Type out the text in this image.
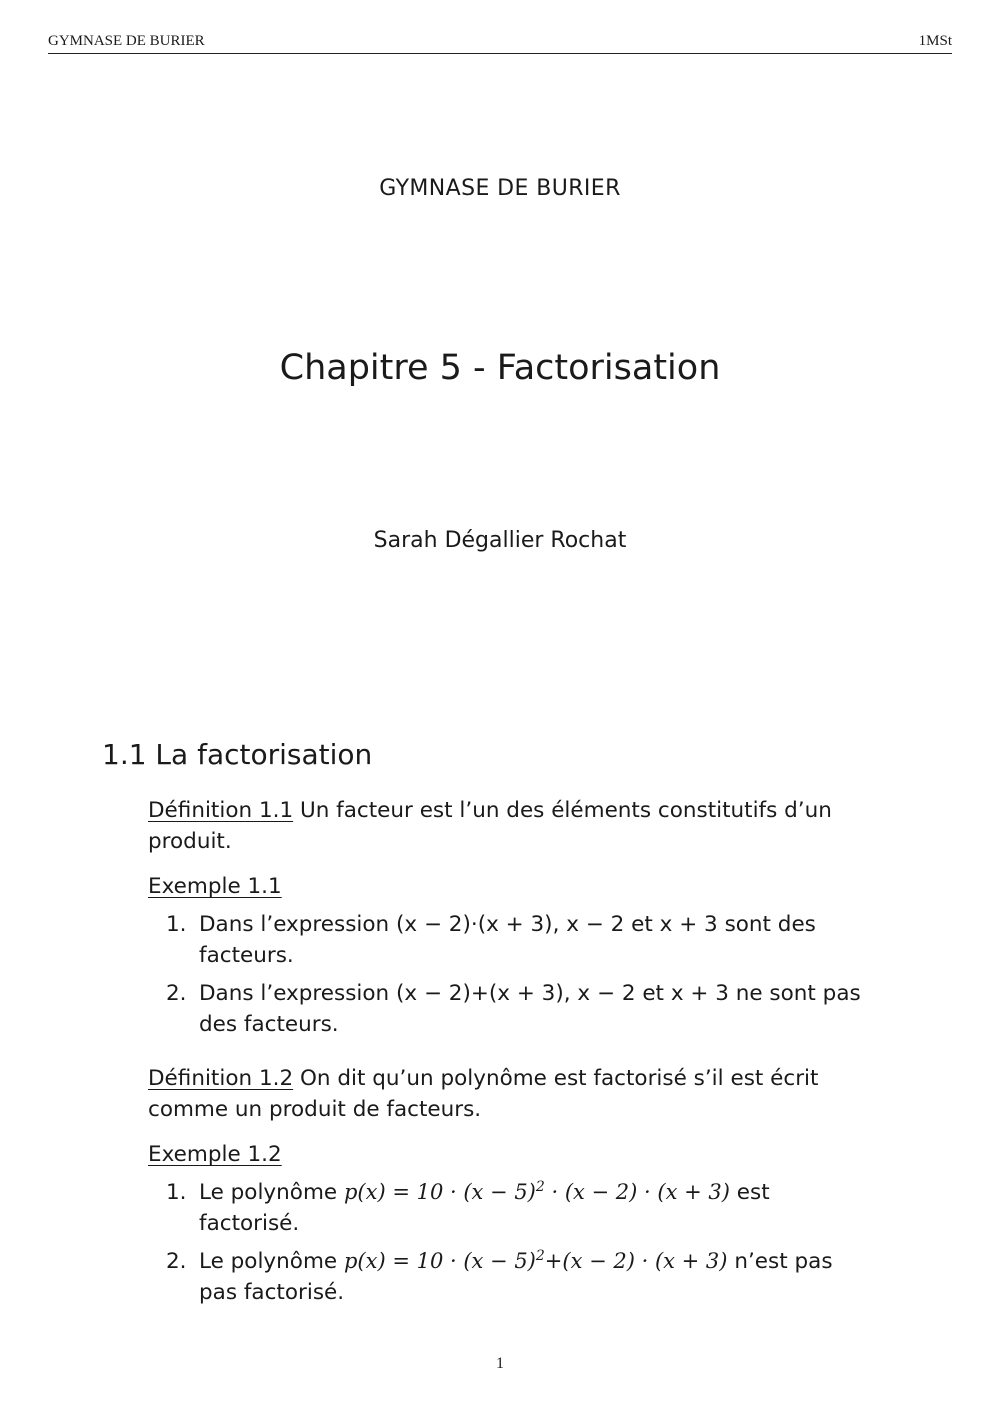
GYMNASE DE BURIER	1MSt
GYMNASE DE BURIER
Chapitre 5 - Factorisation
Sarah Dégallier Rochat
1.1 La factorisation
Définition 1.1 Un facteur est l’un des éléments constitutifs d’un
produit.
Exemple 1.1
1. Dans l’expression (x − 2)·(x + 3), x − 2 et x + 3 sont des
facteurs.
2. Dans l’expression (x − 2)+(x + 3), x − 2 et x + 3 ne sont pas
des facteurs.
Définition 1.2 On dit qu’un polynôme est factorisé s’il est écrit
comme un produit de facteurs.
Exemple 1.2
1. Le polynôme $p(x) = 10 \cdot (x - 5)^2 \cdot (x - 2) \cdot (x + 3)$ est
factorisé.
2. Le polynôme $p(x) = 10 \cdot (x - 5)^2+(x - 2) \cdot (x + 3)$ n’est pas
pas factorisé.
1
